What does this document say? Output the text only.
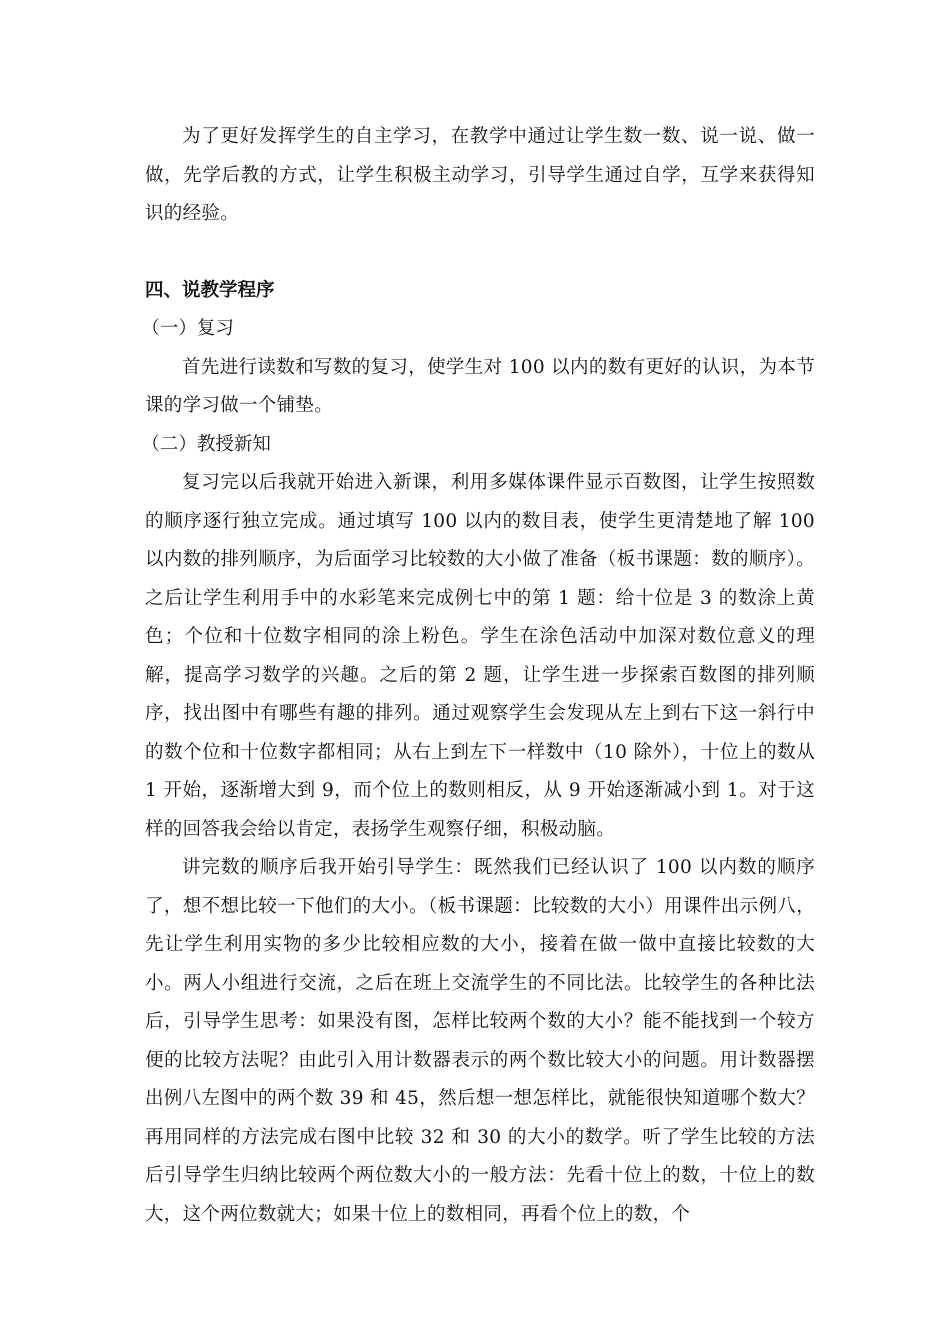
为了更好发挥学生的自主学习，在教学中通过让学生数一数、说一说、做一做，先学后教的方式，让学生积极主动学习，引导学生通过自学，互学来获得知识的经验。

四、说教学程序

（一）复习

首先进行读数和写数的复习，使学生对 100 以内的数有更好的认识，为本节课的学习做一个铺垫。

（二）教授新知

复习完以后我就开始进入新课，利用多媒体课件显示百数图，让学生按照数的顺序逐行独立完成。通过填写 100 以内的数目表，使学生更清楚地了解 100 以内数的排列顺序，为后面学习比较数的大小做了准备（板书课题：数的顺序）。之后让学生利用手中的水彩笔来完成例七中的第 1 题：给十位是 3 的数涂上黄色；个位和十位数字相同的涂上粉色。学生在涂色活动中加深对数位意义的理解，提高学习数学的兴趣。之后的第 2 题，让学生进一步探索百数图的排列顺序，找出图中有哪些有趣的排列。通过观察学生会发现从左上到右下这一斜行中的数个位和十位数字都相同；从右上到左下一样数中（10 除外），十位上的数从 1 开始，逐渐增大到 9，而个位上的数则相反，从 9 开始逐渐减小到 1。对于这样的回答我会给以肯定，表扬学生观察仔细，积极动脑。

讲完数的顺序后我开始引导学生：既然我们已经认识了 100 以内数的顺序了，想不想比较一下他们的大小。（板书课题：比较数的大小）用课件出示例八，先让学生利用实物的多少比较相应数的大小，接着在做一做中直接比较数的大小。两人小组进行交流，之后在班上交流学生的不同比法。比较学生的各种比法后，引导学生思考：如果没有图，怎样比较两个数的大小？能不能找到一个较方便的比较方法呢？由此引入用计数器表示的两个数比较大小的问题。用计数器摆出例八左图中的两个数 39 和 45，然后想一想怎样比，就能很快知道哪个数大？再用同样的方法完成右图中比较 32 和 30 的大小的数学。听了学生比较的方法后引导学生归纳比较两个两位数大小的一般方法：先看十位上的数，十位上的数大，这个两位数就大；如果十位上的数相同，再看个位上的数，个
